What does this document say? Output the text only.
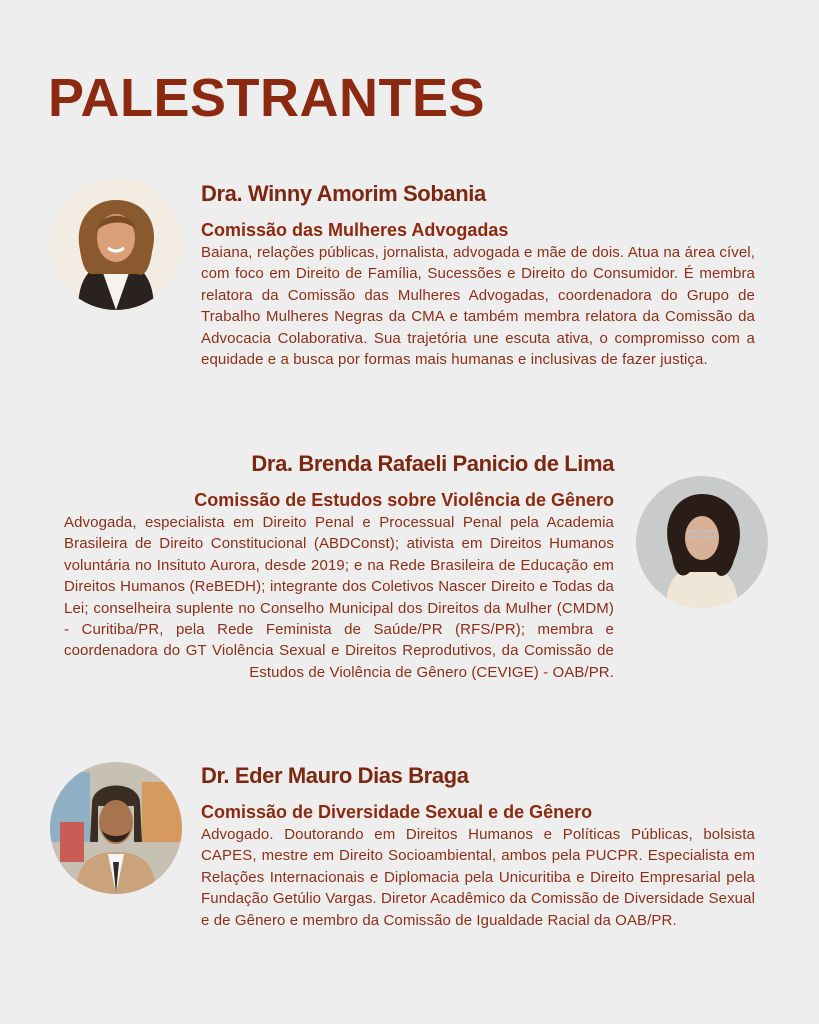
PALESTRANTES

Dra. Winny Amorim Sobania

Comissão das Mulheres Advogadas

Baiana, relações públicas, jornalista, advogada e mãe de dois. Atua na área cível, com foco em Direito de Família, Sucessões e Direito do Consumidor. É membra relatora da Comissão das Mulheres Advogadas, coordenadora do Grupo de Trabalho Mulheres Negras da CMA e também membra relatora da Comissão da Advocacia Colaborativa. Sua trajetória une escuta ativa, o compromisso com a equidade e a busca por formas mais humanas e inclusivas de fazer justiça.

Dra. Brenda Rafaeli Panicio de Lima

Comissão de Estudos sobre Violência de Gênero

Advogada, especialista em Direito Penal e Processual Penal pela Academia Brasileira de Direito Constitucional (ABDConst); ativista em Direitos Humanos voluntária no Insituto Aurora, desde 2019; e na Rede Brasileira de Educação em Direitos Humanos (ReBEDH); integrante dos Coletivos Nascer Direito e Todas da Lei; conselheira suplente no Conselho Municipal dos Direitos da Mulher (CMDM) - Curitiba/PR, pela Rede Feminista de Saúde/PR (RFS/PR); membra e coordenadora do GT Violência Sexual e Direitos Reprodutivos, da Comissão de Estudos de Violência de Gênero (CEVIGE) - OAB/PR.

Dr. Eder Mauro Dias Braga

Comissão de Diversidade Sexual e de Gênero

Advogado. Doutorando em Direitos Humanos e Políticas Públicas, bolsista CAPES, mestre em Direito Socioambiental, ambos pela PUCPR. Especialista em Relações Internacionais e Diplomacia pela Unicuritiba e Direito Empresarial pela Fundação Getúlio Vargas. Diretor Acadêmico da Comissão de Diversidade Sexual e de Gênero e membro da Comissão de Igualdade Racial da OAB/PR.
